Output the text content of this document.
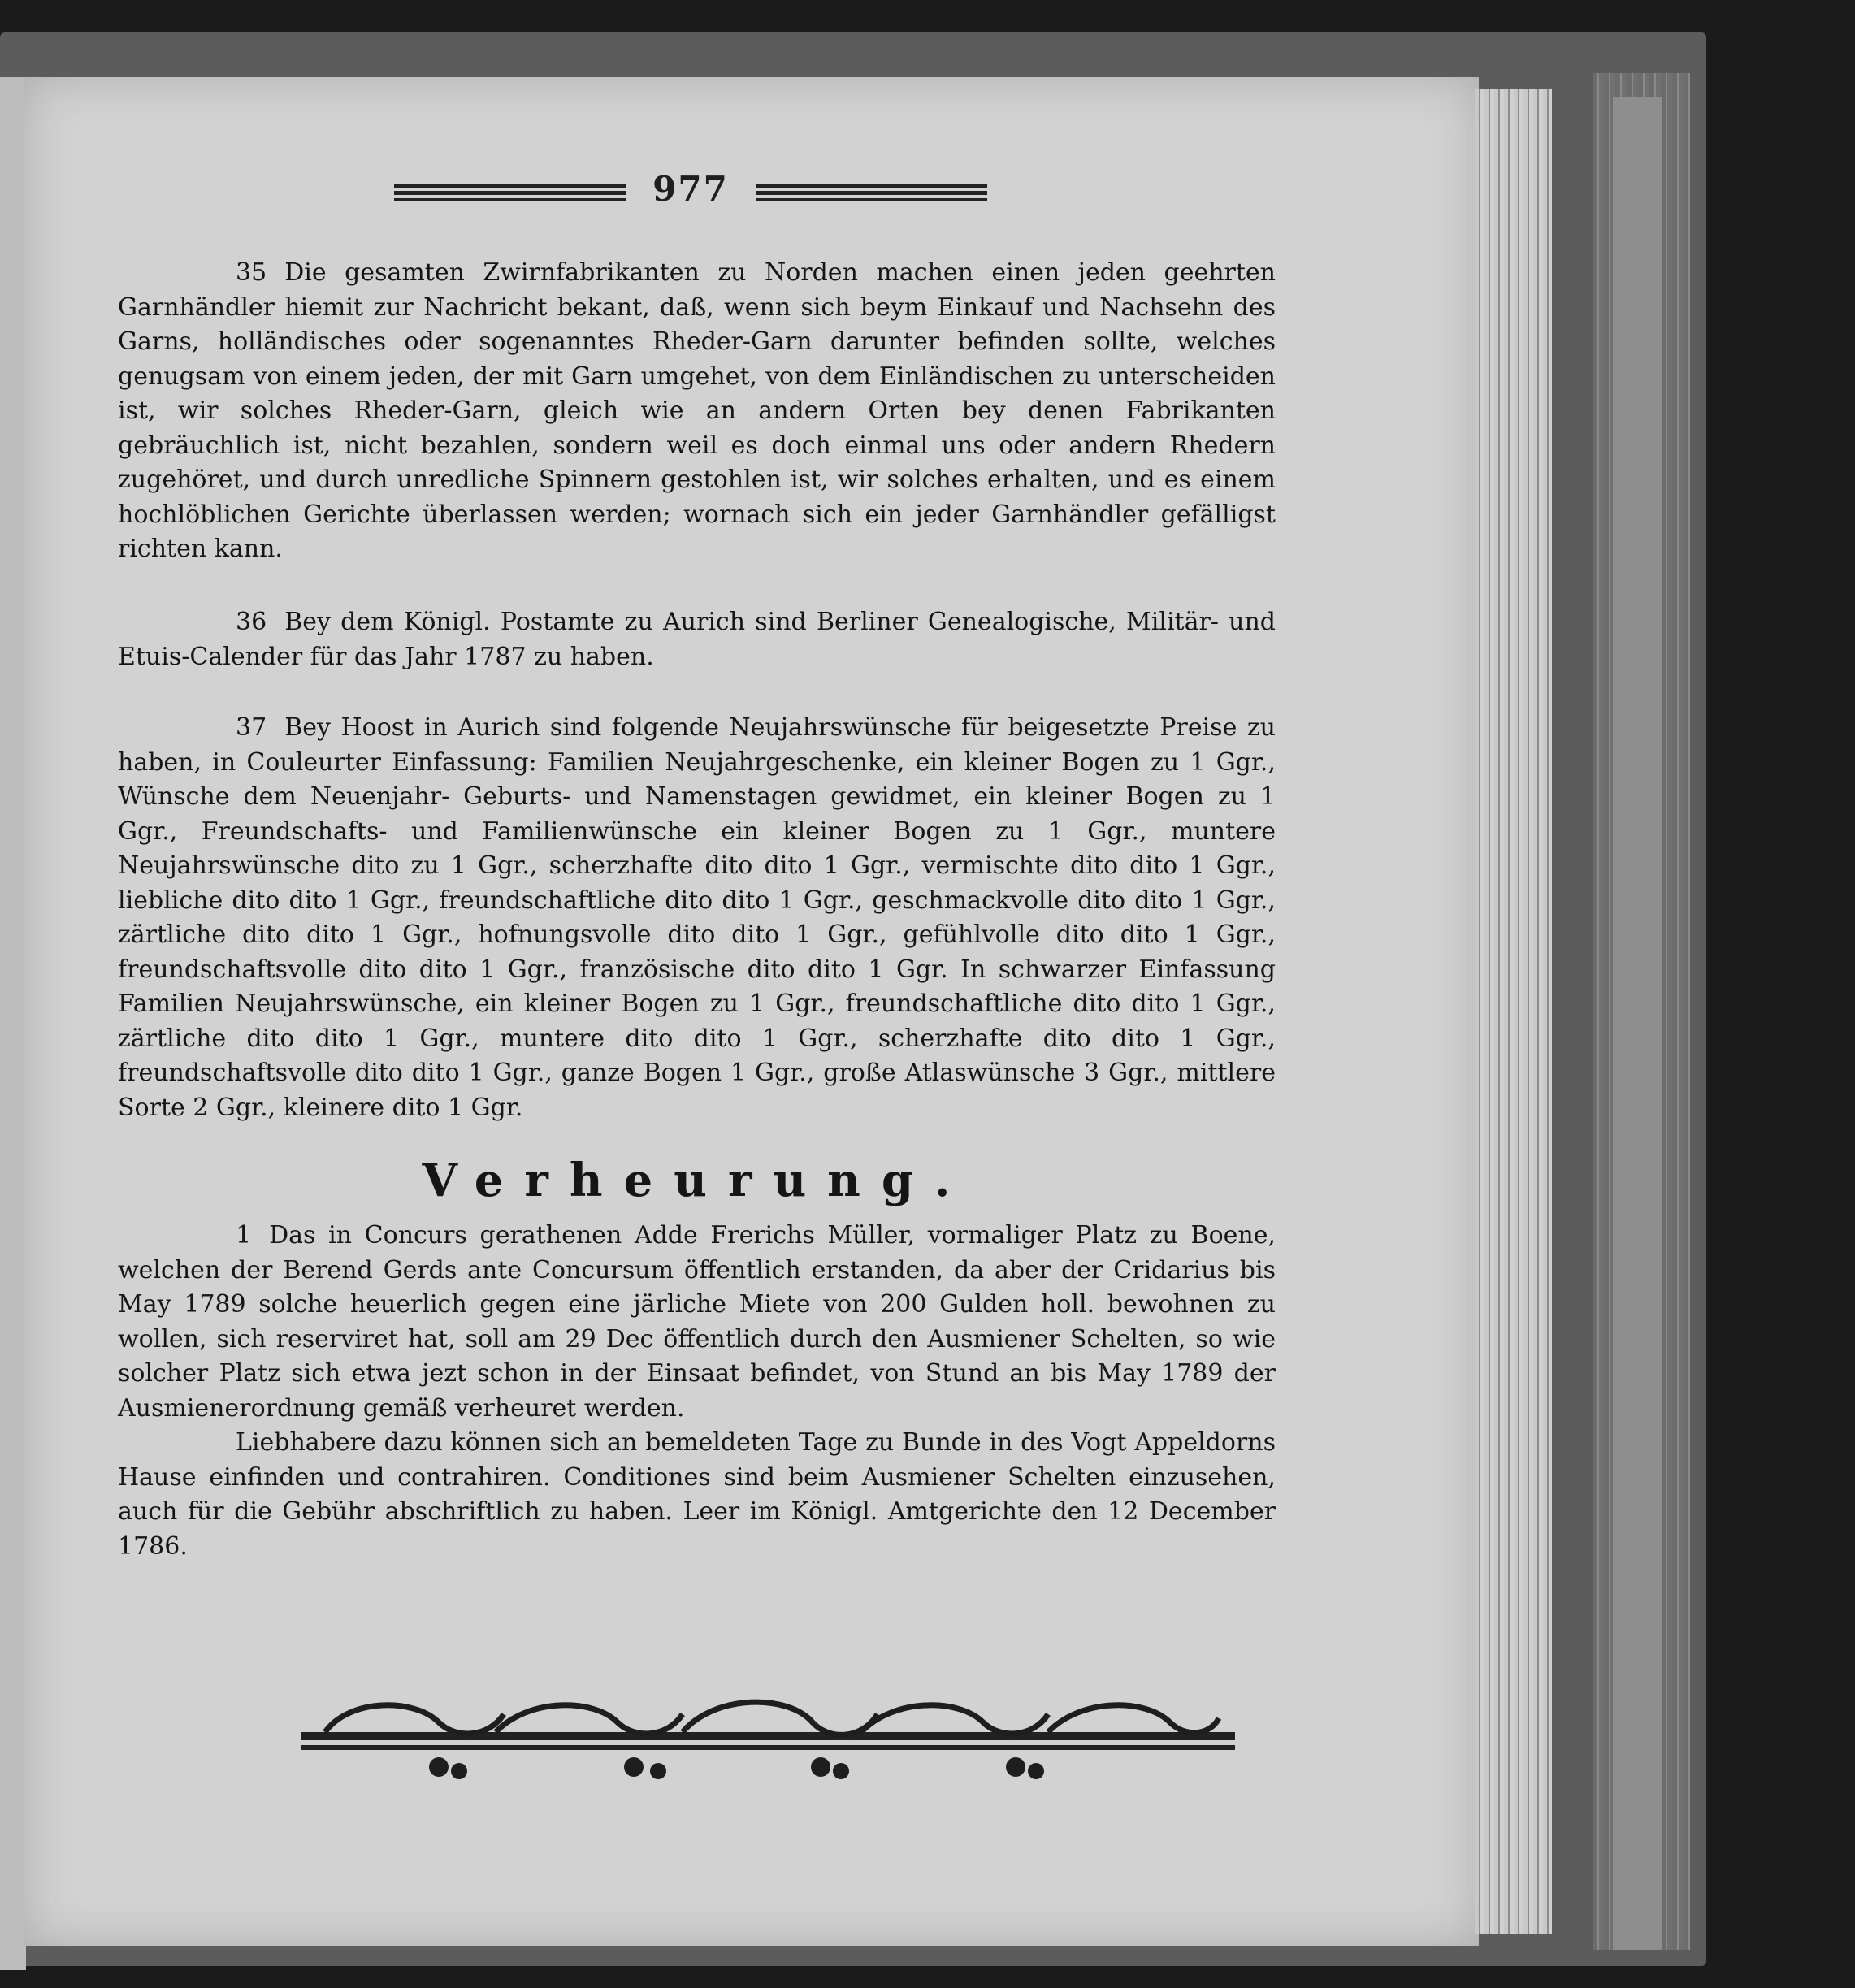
977

35 Die gesamten Zwirnfabrikanten zu Norden machen einen jeden geehrten Garnhändler hiemit zur Nachricht bekant, daß, wenn sich beym Einkauf und Nachsehn des Garns, holländisches oder sogenanntes Rheder-Garn darunter befinden sollte, welches genugsam von einem jeden, der mit Garn umgehet, von dem Einländischen zu unterscheiden ist, wir solches Rheder-Garn, gleich wie an andern Orten bey denen Fabrikanten gebräuchlich ist, nicht bezahlen, sondern weil es doch einmal uns oder andern Rhedern zugehöret, und durch unredliche Spinnern gestohlen ist, wir solches erhalten, und es einem hochlöblichen Gerichte überlassen werden; wornach sich ein jeder Garnhändler gefälligst richten kann.

36 Bey dem Königl. Postamte zu Aurich sind Berliner Genealogische, Militär- und Etuis-Calender für das Jahr 1787 zu haben.

37 Bey Hoost in Aurich sind folgende Neujahrswünsche für beigesetzte Preise zu haben, in Couleurter Einfassung: Familien Neujahrgeschenke, ein kleiner Bogen zu 1 Ggr., Wünsche dem Neuenjahr- Geburts- und Namenstagen gewidmet, ein kleiner Bogen zu 1 Ggr., Freundschafts- und Familienwünsche ein kleiner Bogen zu 1 Ggr., muntere Neujahrswünsche dito zu 1 Ggr., scherzhafte dito dito 1 Ggr., vermischte dito dito 1 Ggr., liebliche dito dito 1 Ggr., freundschaftliche dito dito 1 Ggr., geschmackvolle dito dito 1 Ggr., zärtliche dito dito 1 Ggr., hofnungsvolle dito dito 1 Ggr., gefühlvolle dito dito 1 Ggr., freundschaftsvolle dito dito 1 Ggr., französische dito dito 1 Ggr. In schwarzer Einfassung Familien Neujahrswünsche, ein kleiner Bogen zu 1 Ggr., freundschaftliche dito dito 1 Ggr., zärtliche dito dito 1 Ggr., muntere dito dito 1 Ggr., scherzhafte dito dito 1 Ggr., freundschaftsvolle dito dito 1 Ggr., ganze Bogen 1 Ggr., große Atlaswünsche 3 Ggr., mittlere Sorte 2 Ggr., kleinere dito 1 Ggr.

Verheurung.

1 Das in Concurs gerathenen Adde Frerichs Müller, vormaliger Platz zu Boene, welchen der Berend Gerds ante Concursum öffentlich erstanden, da aber der Cridarius bis May 1789 solche heuerlich gegen eine järliche Miete von 200 Gulden holl. bewohnen zu wollen, sich reserviret hat, soll am 29 Dec öffentlich durch den Ausmiener Schelten, so wie solcher Platz sich etwa jezt schon in der Einsaat befindet, von Stund an bis May 1789 der Ausmienerordnung gemäß verheuret werden.

Liebhabere dazu können sich an bemeldeten Tage zu Bunde in des Vogt Appeldorns Hause einfinden und contrahiren. Conditiones sind beim Ausmiener Schelten einzusehen, auch für die Gebühr abschriftlich zu haben. Leer im Königl. Amtgerichte den 12 December 1786.
